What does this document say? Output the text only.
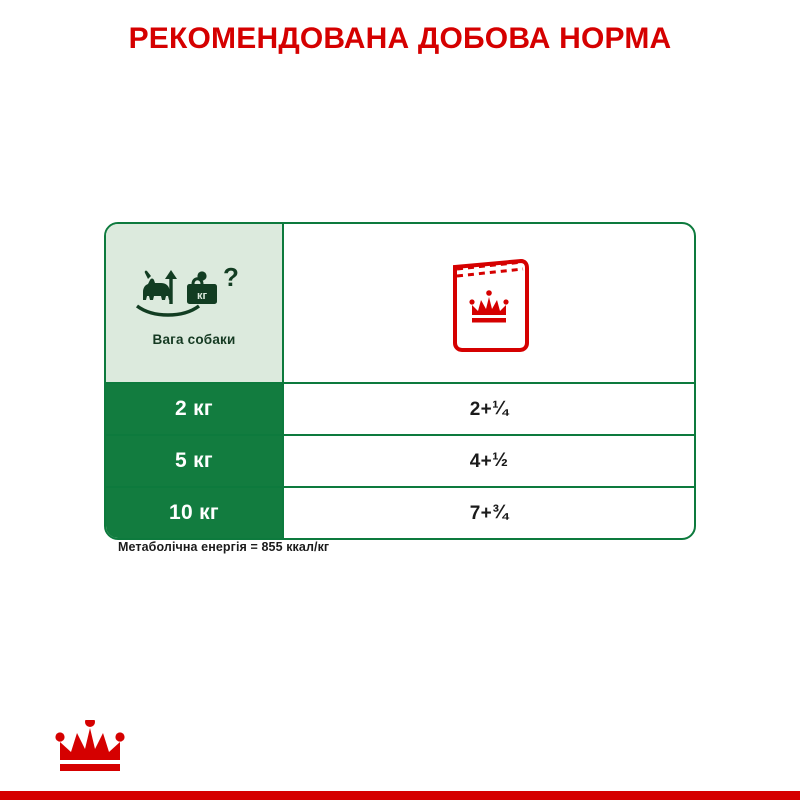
РЕКОМЕНДОВАНА ДОБОВА НОРМА
кг
?
Вага собаки
2 кг	2 + ¼
5 кг	4 + ½
10 кг	7 + ¾
Метаболічна енергія = 855 ккал/кг
